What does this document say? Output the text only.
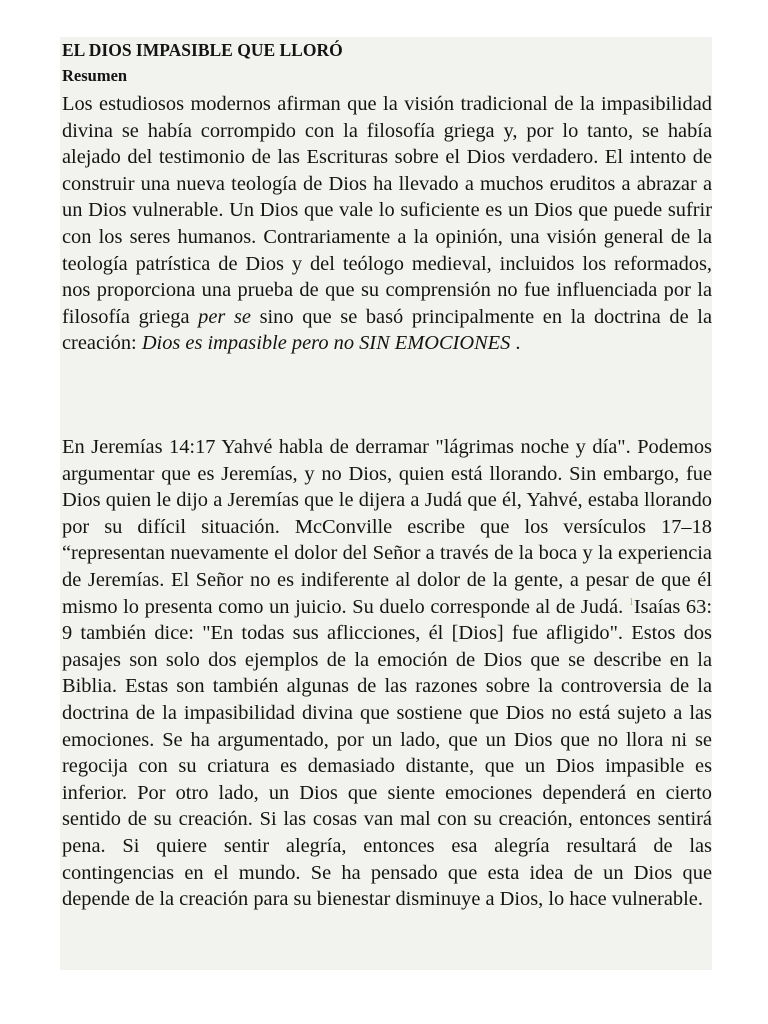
EL DIOS IMPASIBLE QUE LLORÓ
Resumen

Los estudiosos modernos afirman que la visión tradicional de la impasibilidad divina se había corrompido con la filosofía griega y, por lo tanto, se había alejado del testimonio de las Escrituras sobre el Dios verdadero. El intento de construir una nueva teología de Dios ha llevado a muchos eruditos a abrazar a un Dios vulnerable. Un Dios que vale lo suficiente es un Dios que puede sufrir con los seres humanos. Contrariamente a la opinión, una visión general de la teología patrística de Dios y del teólogo medieval, incluidos los reformados, nos proporciona una prueba de que su comprensión no fue influenciada por la filosofía griega per se sino que se basó principalmente en la doctrina de la creación: Dios es impasible pero no SIN EMOCIONES .

En Jeremías 14:17 Yahvé habla de derramar "lágrimas noche y día". Podemos argumentar que es Jeremías, y no Dios, quien está llorando. Sin embargo, fue Dios quien le dijo a Jeremías que le dijera a Judá que él, Yahvé, estaba llorando por su difícil situación. McConville escribe que los versículos 17–18 “representan nuevamente el dolor del Señor a través de la boca y la experiencia de Jeremías. El Señor no es indiferente al dolor de la gente, a pesar de que él mismo lo presenta como un juicio. Su duelo corresponde al de Judá. $^1$Isaías 63: 9 también dice: "En todas sus aflicciones, él [Dios] fue afligido". Estos dos pasajes son solo dos ejemplos de la emoción de Dios que se describe en la Biblia. Estas son también algunas de las razones sobre la controversia de la doctrina de la impasibilidad divina que sostiene que Dios no está sujeto a las emociones. Se ha argumentado, por un lado, que un Dios que no llora ni se regocija con su criatura es demasiado distante, que un Dios impasible es inferior. Por otro lado, un Dios que siente emociones dependerá en cierto sentido de su creación. Si las cosas van mal con su creación, entonces sentirá pena. Si quiere sentir alegría, entonces esa alegría resultará de las contingencias en el mundo. Se ha pensado que esta idea de un Dios que depende de la creación para su bienestar disminuye a Dios, lo hace vulnerable.
